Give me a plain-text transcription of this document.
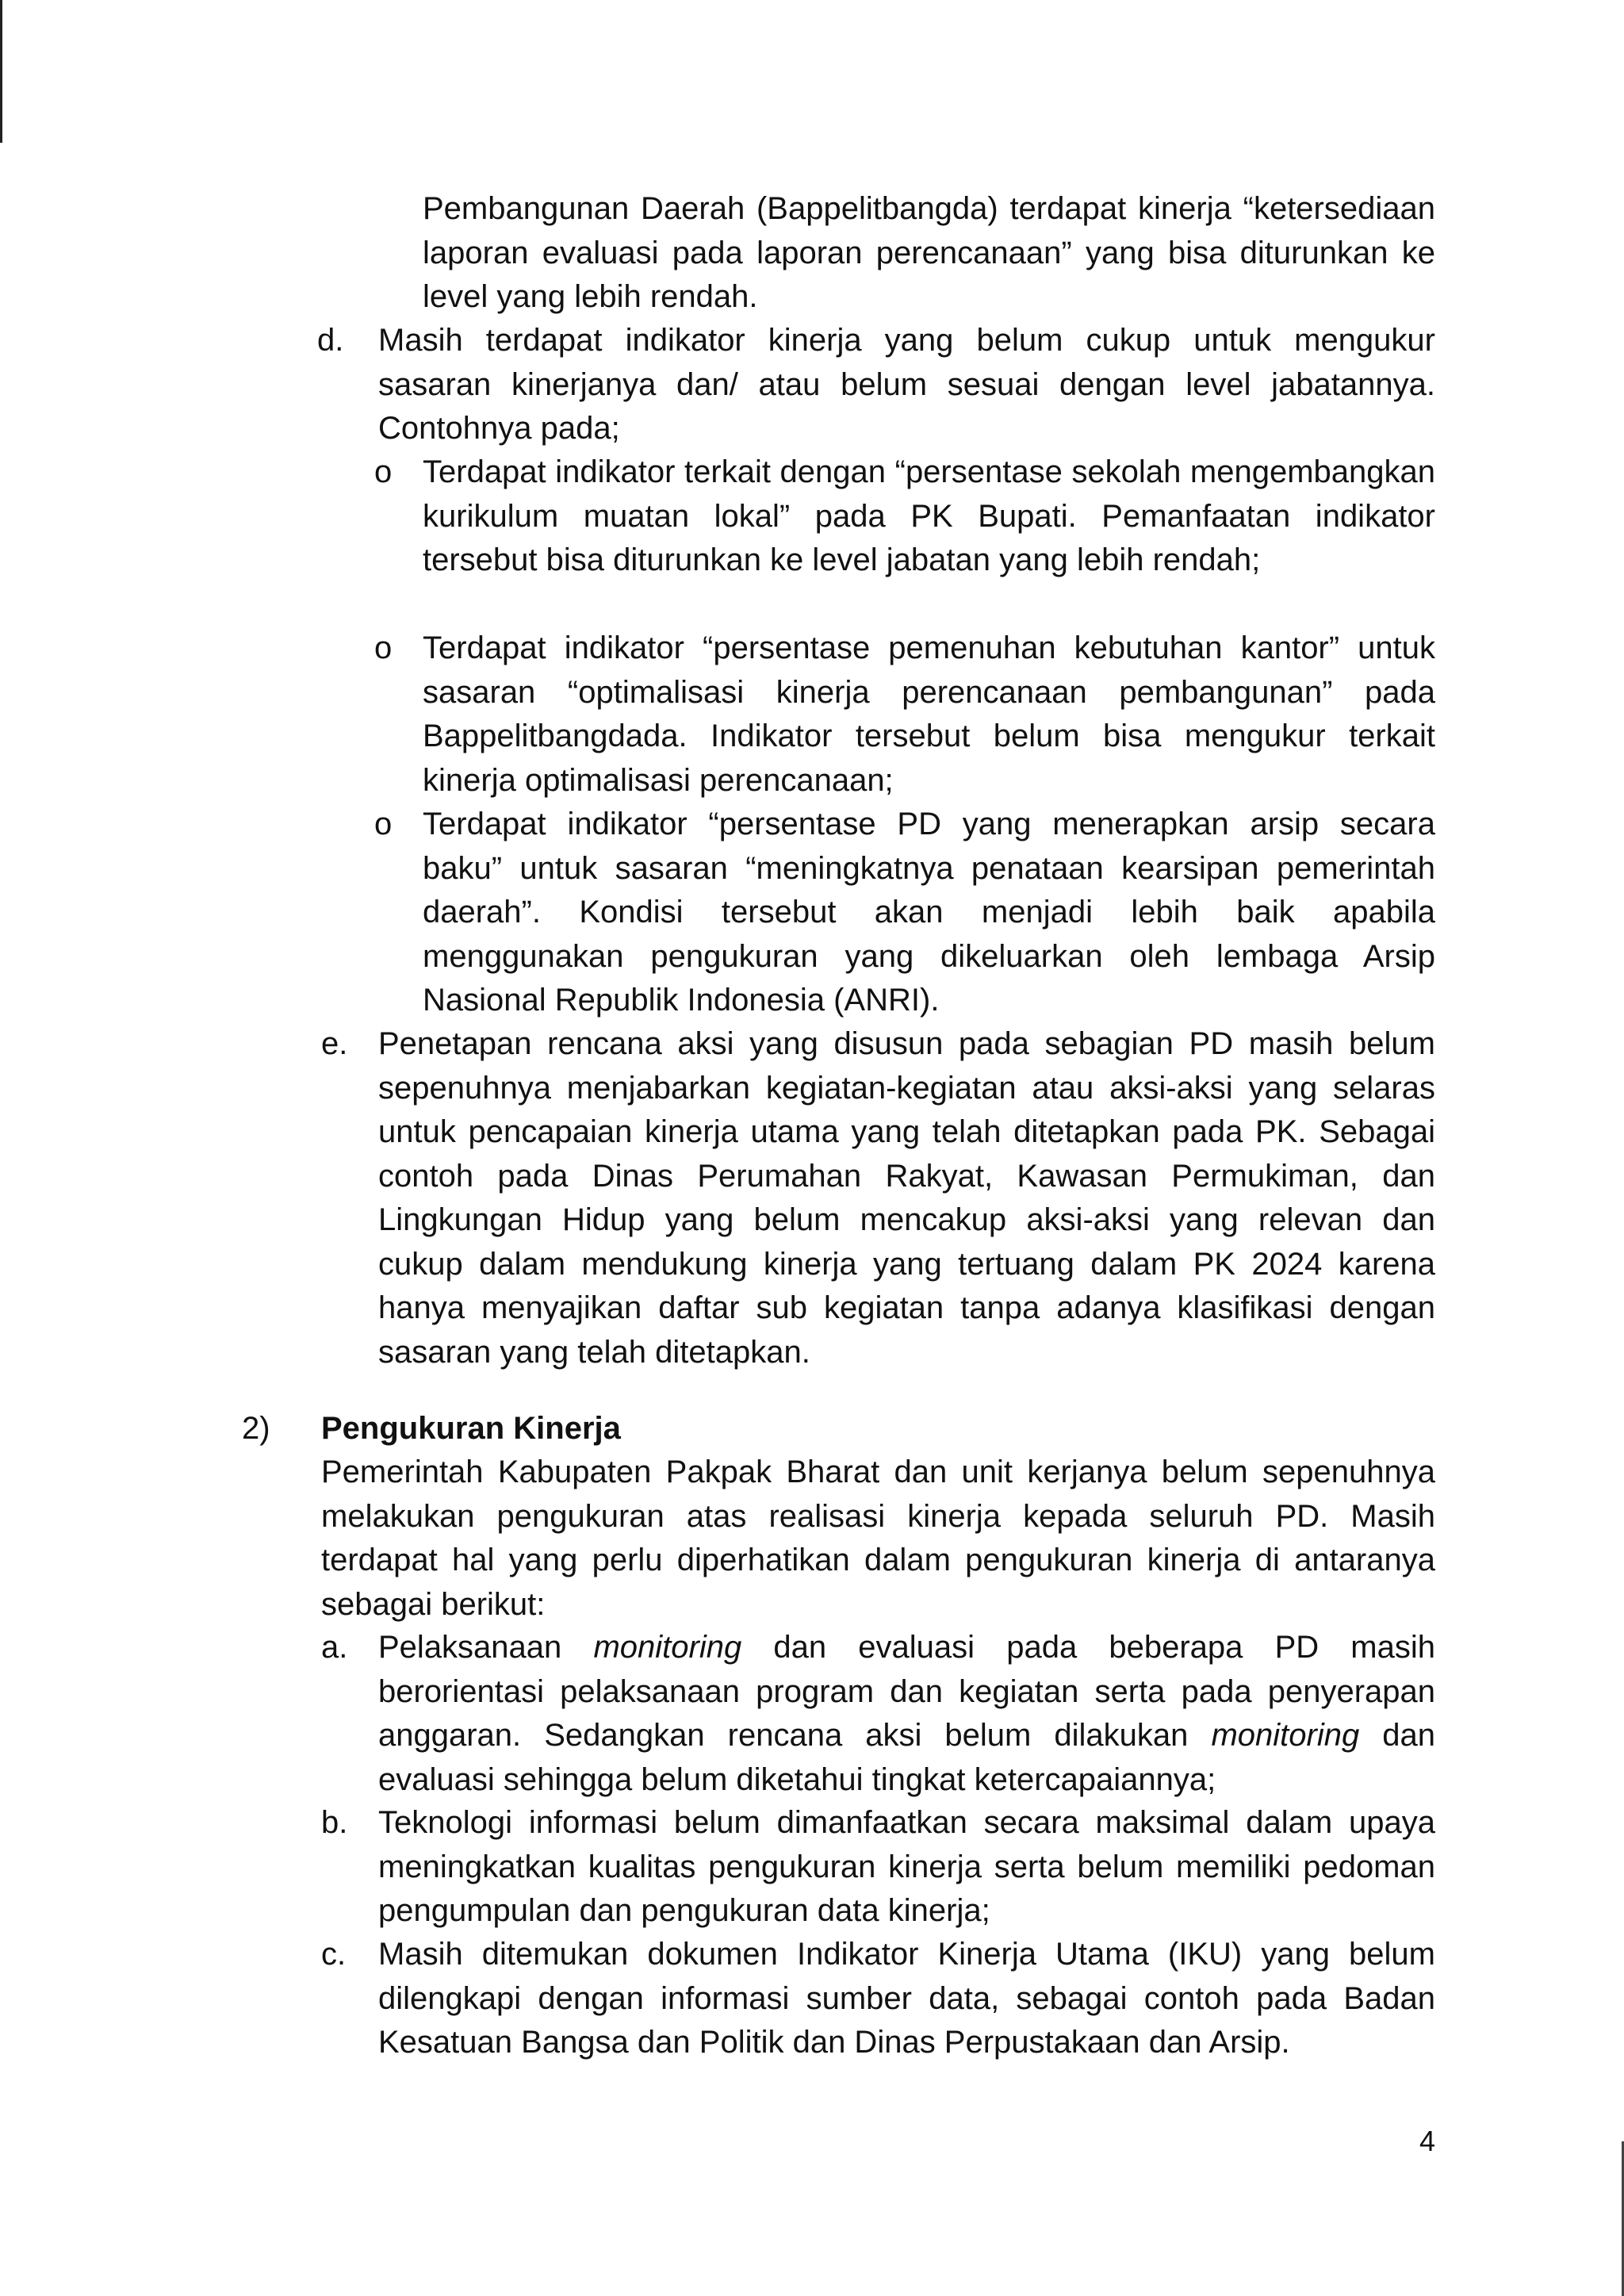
Pembangunan Daerah (Bappelitbangda) terdapat kinerja “ketersediaan laporan evaluasi pada laporan perencanaan” yang bisa diturunkan ke level yang lebih rendah.

d. Masih terdapat indikator kinerja yang belum cukup untuk mengukur sasaran kinerjanya dan/ atau belum sesuai dengan level jabatannya. Contohnya pada;

o Terdapat indikator terkait dengan “persentase sekolah mengembangkan kurikulum muatan lokal” pada PK Bupati. Pemanfaatan indikator tersebut bisa diturunkan ke level jabatan yang lebih rendah;

o Terdapat indikator “persentase pemenuhan kebutuhan kantor” untuk sasaran “optimalisasi kinerja perencanaan pembangunan” pada Bappelitbangdada. Indikator tersebut belum bisa mengukur terkait kinerja optimalisasi perencanaan;

o Terdapat indikator “persentase PD yang menerapkan arsip secara baku” untuk sasaran “meningkatnya penataan kearsipan pemerintah daerah”. Kondisi tersebut akan menjadi lebih baik apabila menggunakan pengukuran yang dikeluarkan oleh lembaga Arsip Nasional Republik Indonesia (ANRI).

e. Penetapan rencana aksi yang disusun pada sebagian PD masih belum sepenuhnya menjabarkan kegiatan-kegiatan atau aksi-aksi yang selaras untuk pencapaian kinerja utama yang telah ditetapkan pada PK. Sebagai contoh pada Dinas Perumahan Rakyat, Kawasan Permukiman, dan Lingkungan Hidup yang belum mencakup aksi-aksi yang relevan dan cukup dalam mendukung kinerja yang tertuang dalam PK 2024 karena hanya menyajikan daftar sub kegiatan tanpa adanya klasifikasi dengan sasaran yang telah ditetapkan.

2) Pengukuran Kinerja

Pemerintah Kabupaten Pakpak Bharat dan unit kerjanya belum sepenuhnya melakukan pengukuran atas realisasi kinerja kepada seluruh PD. Masih terdapat hal yang perlu diperhatikan dalam pengukuran kinerja di antaranya sebagai berikut:

a. Pelaksanaan monitoring dan evaluasi pada beberapa PD masih berorientasi pelaksanaan program dan kegiatan serta pada penyerapan anggaran. Sedangkan rencana aksi belum dilakukan monitoring dan evaluasi sehingga belum diketahui tingkat ketercapaiannya;

b. Teknologi informasi belum dimanfaatkan secara maksimal dalam upaya meningkatkan kualitas pengukuran kinerja serta belum memiliki pedoman pengumpulan dan pengukuran data kinerja;

c. Masih ditemukan dokumen Indikator Kinerja Utama (IKU) yang belum dilengkapi dengan informasi sumber data, sebagai contoh pada Badan Kesatuan Bangsa dan Politik dan Dinas Perpustakaan dan Arsip.

4
